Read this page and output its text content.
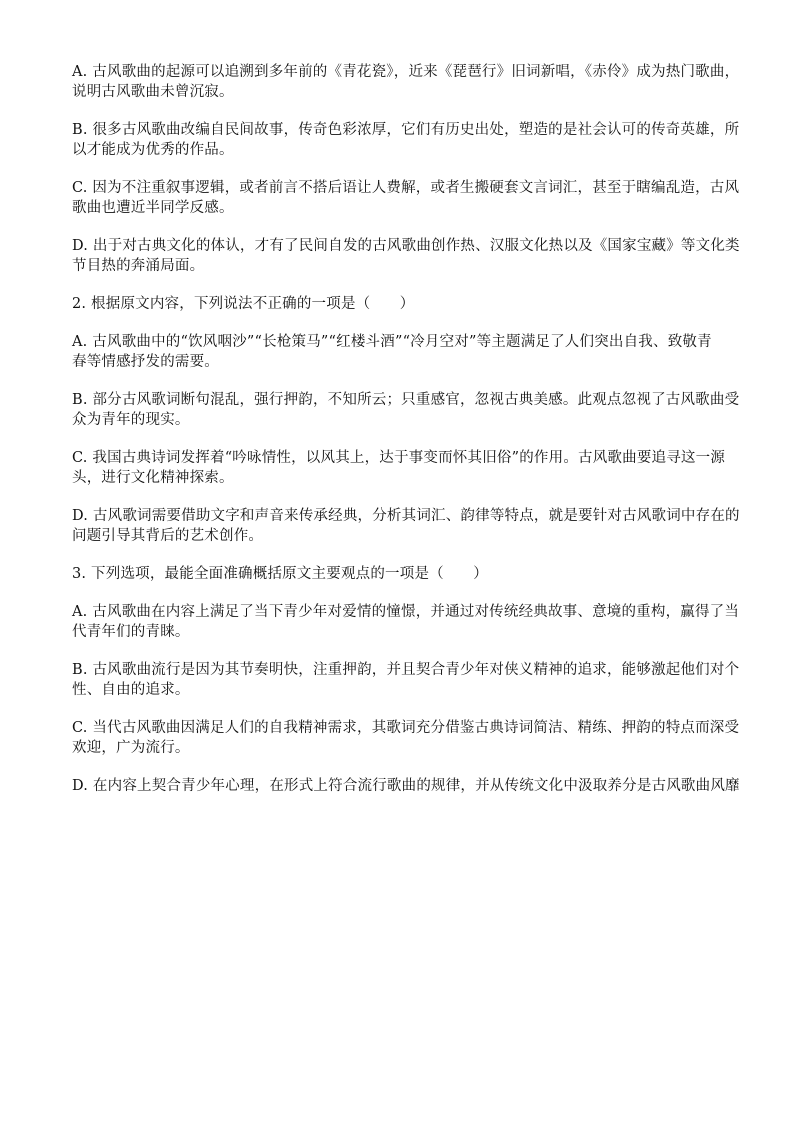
A. 古风歌曲的起源可以追溯到多年前的《青花瓷》，近来《琵琶行》旧词新唱，《赤伶》成为热门歌曲，
说明古风歌曲未曾沉寂。
B. 很多古风歌曲改编自民间故事，传奇色彩浓厚，它们有历史出处，塑造的是社会认可的传奇英雄，所
以才能成为优秀的作品。
C. 因为不注重叙事逻辑，或者前言不搭后语让人费解，或者生搬硬套文言词汇，甚至于瞎编乱造，古风
歌曲也遭近半同学反感。
D. 出于对古典文化的体认，才有了民间自发的古风歌曲创作热、汉服文化热以及《国家宝藏》等文化类
节目热的奔涌局面。
2. 根据原文内容，下列说法不正确的一项是（　　）
A. 古风歌曲中的“饮风咽沙”“长枪策马”“红楼斗酒”“冷月空对”等主题满足了人们突出自我、致敬青
春等情感抒发的需要。
B. 部分古风歌词断句混乱，强行押韵，不知所云；只重感官，忽视古典美感。此观点忽视了古风歌曲受
众为青年的现实。
C. 我国古典诗词发挥着“吟咏情性，以风其上，达于事变而怀其旧俗”的作用。古风歌曲要追寻这一源
头，进行文化精神探索。
D. 古风歌词需要借助文字和声音来传承经典，分析其词汇、韵律等特点，就是要针对古风歌词中存在的
问题引导其背后的艺术创作。
3. 下列选项，最能全面准确概括原文主要观点的一项是（　　）
A. 古风歌曲在内容上满足了当下青少年对爱情的憧憬，并通过对传统经典故事、意境的重构，赢得了当
代青年们的青睐。
B. 古风歌曲流行是因为其节奏明快，注重押韵，并且契合青少年对侠义精神的追求，能够激起他们对个
性、自由的追求。
C. 当代古风歌曲因满足人们的自我精神需求，其歌词充分借鉴古典诗词简洁、精练、押韵的特点而深受
欢迎，广为流行。
D. 在内容上契合青少年心理，在形式上符合流行歌曲的规律，并从传统文化中汲取养分是古风歌曲风靡
